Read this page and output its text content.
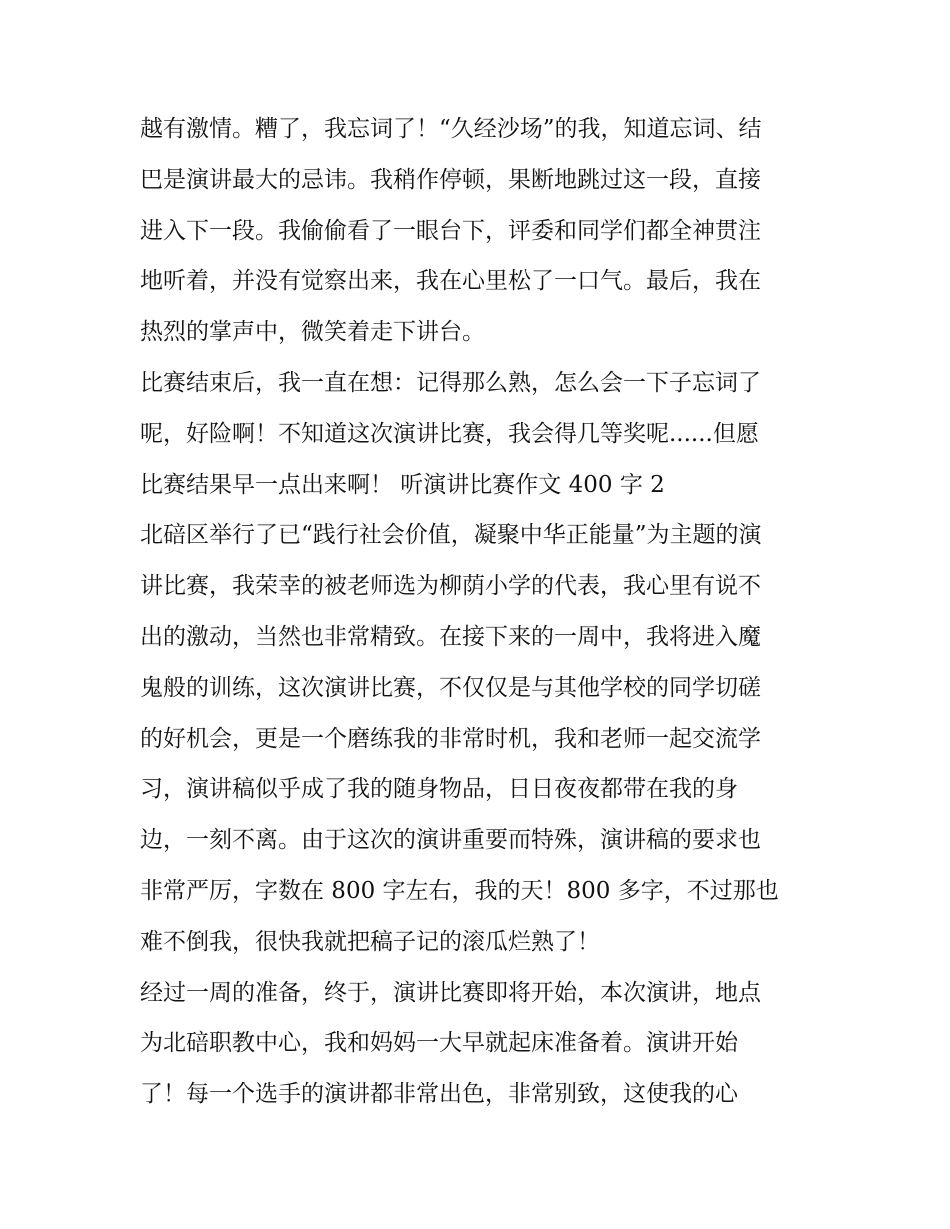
越有激情。糟了，我忘词了！“久经沙场”的我，知道忘词、结
巴是演讲最大的忌讳。我稍作停顿，果断地跳过这一段，直接
进入下一段。我偷偷看了一眼台下，评委和同学们都全神贯注
地听着，并没有觉察出来，我在心里松了一口气。最后，我在
热烈的掌声中，微笑着走下讲台。
比赛结束后，我一直在想：记得那么熟，怎么会一下子忘词了
呢，好险啊！不知道这次演讲比赛，我会得几等奖呢......但愿
比赛结果早一点出来啊！ 听演讲比赛作文 400 字 2
北碚区举行了已“践行社会价值，凝聚中华正能量”为主题的演
讲比赛，我荣幸的被老师选为柳荫小学的代表，我心里有说不
出的激动，当然也非常精致。在接下来的一周中，我将进入魔
鬼般的训练，这次演讲比赛，不仅仅是与其他学校的同学切磋
的好机会，更是一个磨练我的非常时机，我和老师一起交流学
习，演讲稿似乎成了我的随身物品，日日夜夜都带在我的身
边，一刻不离。由于这次的演讲重要而特殊，演讲稿的要求也
非常严厉，字数在 800 字左右，我的天！800 多字，不过那也
难不倒我，很快我就把稿子记的滚瓜烂熟了！
经过一周的准备，终于，演讲比赛即将开始，本次演讲，地点
为北碚职教中心，我和妈妈一大早就起床准备着。演讲开始
了！每一个选手的演讲都非常出色，非常别致，这使我的心
